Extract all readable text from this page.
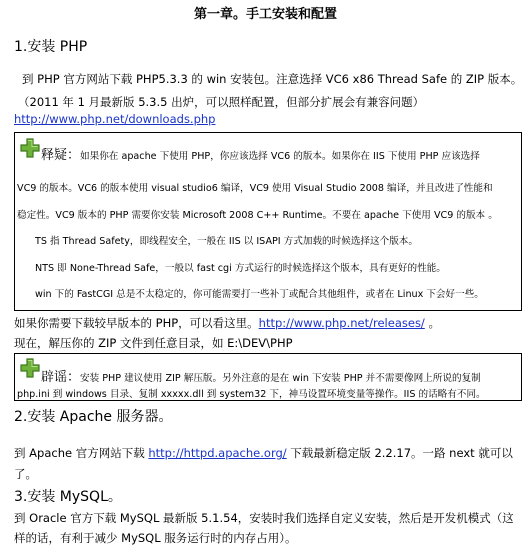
第一章。手工安装和配置
1.安装 PHP
到 PHP 官方网站下载 PHP5.3.3 的 win 安装包。注意选择 VC6 x86 Thread Safe 的 ZIP 版本。
（2011 年 1 月最新版 5.3.5 出炉，可以照样配置，但部分扩展会有兼容问题）
http://www.php.net/downloads.php
释疑：如果你在 apache 下使用 PHP，你应该选择 VC6 的版本。如果你在 IIS 下使用 PHP 应该选择
VC9 的版本。VC6 的版本使用 visual studio6 编译，VC9 使用 Visual Studio 2008 编译，并且改进了性能和
稳定性。VC9 版本的 PHP 需要你安装 Microsoft 2008 C++ Runtime。不要在 apache 下使用 VC9 的版本 。
TS 指 Thread Safety，即线程安全，一般在 IIS 以 ISAPI 方式加载的时候选择这个版本。
NTS 即 None-Thread Safe，一般以 fast cgi 方式运行的时候选择这个版本，具有更好的性能。
win 下的 FastCGI 总是不太稳定的，你可能需要打一些补丁或配合其他组件，或者在 Linux 下会好一些。
如果你需要下载较早版本的 PHP，可以看这里。http://www.php.net/releases/ 。
现在，解压你的 ZIP 文件到任意目录，如 E:\DEV\PHP
辟谣：安装 PHP 建议使用 ZIP 解压版。另外注意的是在 win 下安装 PHP 并不需要像网上所说的复制
php.ini 到 windows 目录、复制 xxxxx.dll 到 system32 下，神马设置环境变量等操作。IIS 的话略有不同。
2.安装 Apache 服务器。
到 Apache 官方网站下载 http://httpd.apache.org/ 下载最新稳定版 2.2.17。一路 next 就可以
了。
3.安装 MySQL。
到 Oracle 官方下载 MySQL 最新版 5.1.54，安装时我们选择自定义安装，然后是开发机模式（这
样的话，有利于减少 MySQL 服务运行时的内存占用）。
